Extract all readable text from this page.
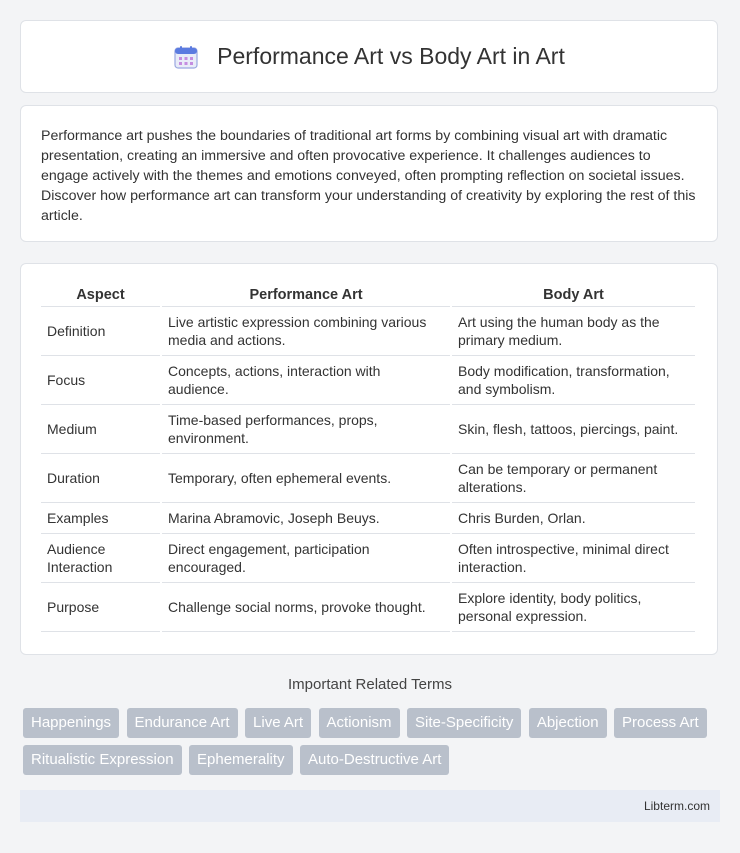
Performance Art vs Body Art in Art

Performance art pushes the boundaries of traditional art forms by combining visual art with dramatic presentation, creating an immersive and often provocative experience. It challenges audiences to engage actively with the themes and emotions conveyed, often prompting reflection on societal issues. Discover how performance art can transform your understanding of creativity by exploring the rest of this article.

Aspect	Performance Art	Body Art
Definition	Live artistic expression combining various media and actions.	Art using the human body as the primary medium.
Focus	Concepts, actions, interaction with audience.	Body modification, transformation, and symbolism.
Medium	Time-based performances, props, environment.	Skin, flesh, tattoos, piercings, paint.
Duration	Temporary, often ephemeral events.	Can be temporary or permanent alterations.
Examples	Marina Abramovic, Joseph Beuys.	Chris Burden, Orlan.
Audience Interaction	Direct engagement, participation encouraged.	Often introspective, minimal direct interaction.
Purpose	Challenge social norms, provoke thought.	Explore identity, body politics, personal expression.
Important Related Terms
Happenings Endurance Art Live Art Actionism Site-Specificity Abjection Process Art Ritualistic Expression Ephemerality Auto-Destructive Art
Libterm.com
